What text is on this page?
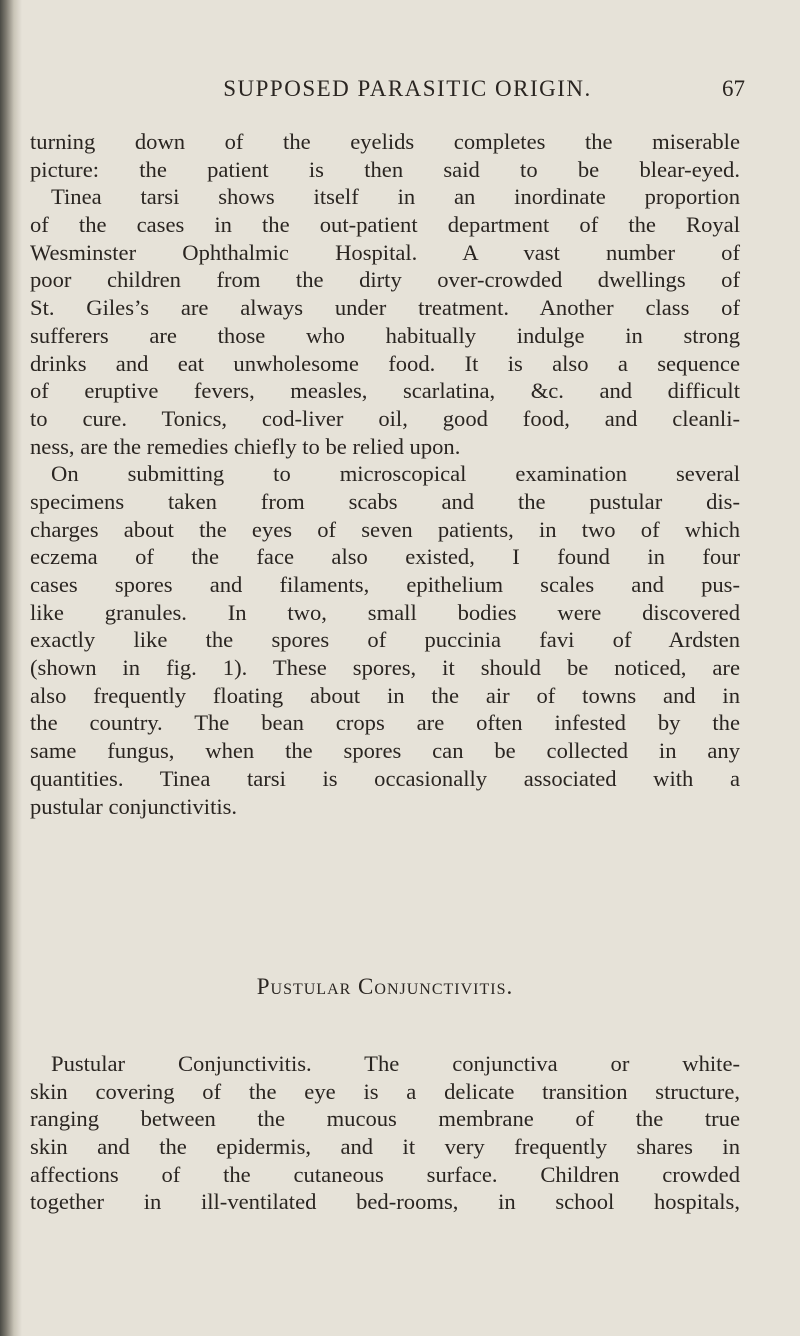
SUPPOSED PARASITIC ORIGIN.	67
turning down of the eyelids completes the miserable
picture: the patient is then said to be blear-eyed.
Tinea tarsi shows itself in an inordinate proportion
of the cases in the out-patient department of the Royal
Wesminster Ophthalmic Hospital. A vast number of
poor children from the dirty over-crowded dwellings of
St. Giles’s are always under treatment. Another class of
sufferers are those who habitually indulge in strong
drinks and eat unwholesome food. It is also a sequence
of eruptive fevers, measles, scarlatina, &c. and difficult
to cure. Tonics, cod-liver oil, good food, and cleanli-
ness, are the remedies chiefly to be relied upon.
On submitting to microscopical examination several
specimens taken from scabs and the pustular dis-
charges about the eyes of seven patients, in two of which
eczema of the face also existed, I found in four
cases spores and filaments, epithelium scales and pus-
like granules. In two, small bodies were discovered
exactly like the spores of puccinia favi of Ardsten
(shown in fig. 1). These spores, it should be noticed, are
also frequently floating about in the air of towns and in
the country. The bean crops are often infested by the
same fungus, when the spores can be collected in any
quantities. Tinea tarsi is occasionally associated with a
pustular conjunctivitis.
Pustular Conjunctivitis.
Pustular Conjunctivitis. The conjunctiva or white-
skin covering of the eye is a delicate transition structure,
ranging between the mucous membrane of the true
skin and the epidermis, and it very frequently shares in
affections of the cutaneous surface. Children crowded
together in ill-ventilated bed-rooms, in school hospitals,
